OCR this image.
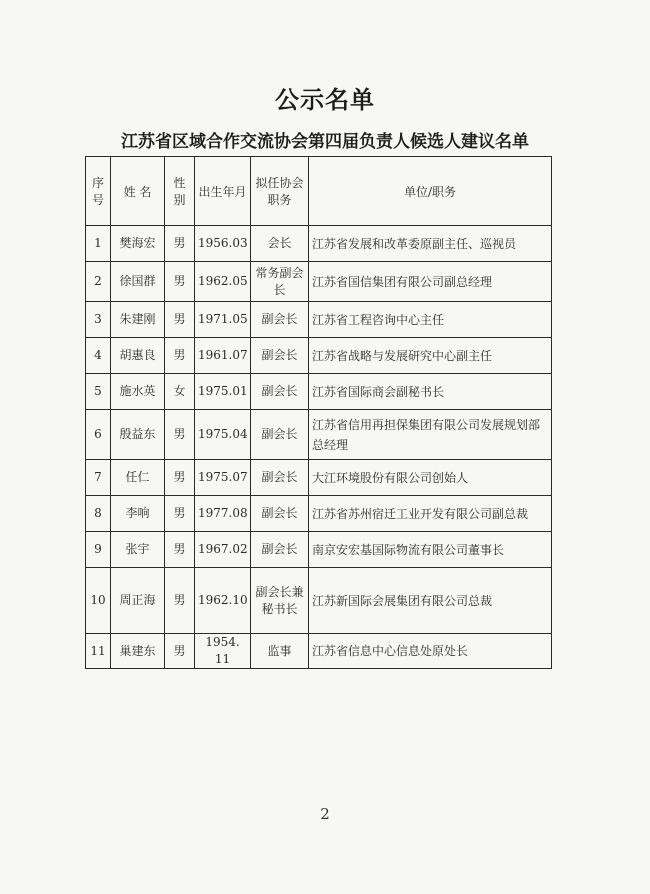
公示名单
江苏省区域合作交流协会第四届负责人候选人建议名单
序号	姓 名	性别	出生年月	拟任协会职务	单位/职务
1	樊海宏	男	1956.03	会长	江苏省发展和改革委原副主任、巡视员
2	徐国群	男	1962.05	常务副会长	江苏省国信集团有限公司副总经理
3	朱建刚	男	1971.05	副会长	江苏省工程咨询中心主任
4	胡惠良	男	1961.07	副会长	江苏省战略与发展研究中心副主任
5	施水英	女	1975.01	副会长	江苏省国际商会副秘书长
6	殷益东	男	1975.04	副会长	江苏省信用再担保集团有限公司发展规划部总经理
7	任仁	男	1975.07	副会长	大江环境股份有限公司创始人
8	李响	男	1977.08	副会长	江苏省苏州宿迁工业开发有限公司副总裁
9	张宇	男	1967.02	副会长	南京安宏基国际物流有限公司董事长
10	周正海	男	1962.10	副会长兼秘书长	江苏新国际会展集团有限公司总裁
11	巢建东	男	1954. 11	监事	江苏省信息中心信息处原处长
2
